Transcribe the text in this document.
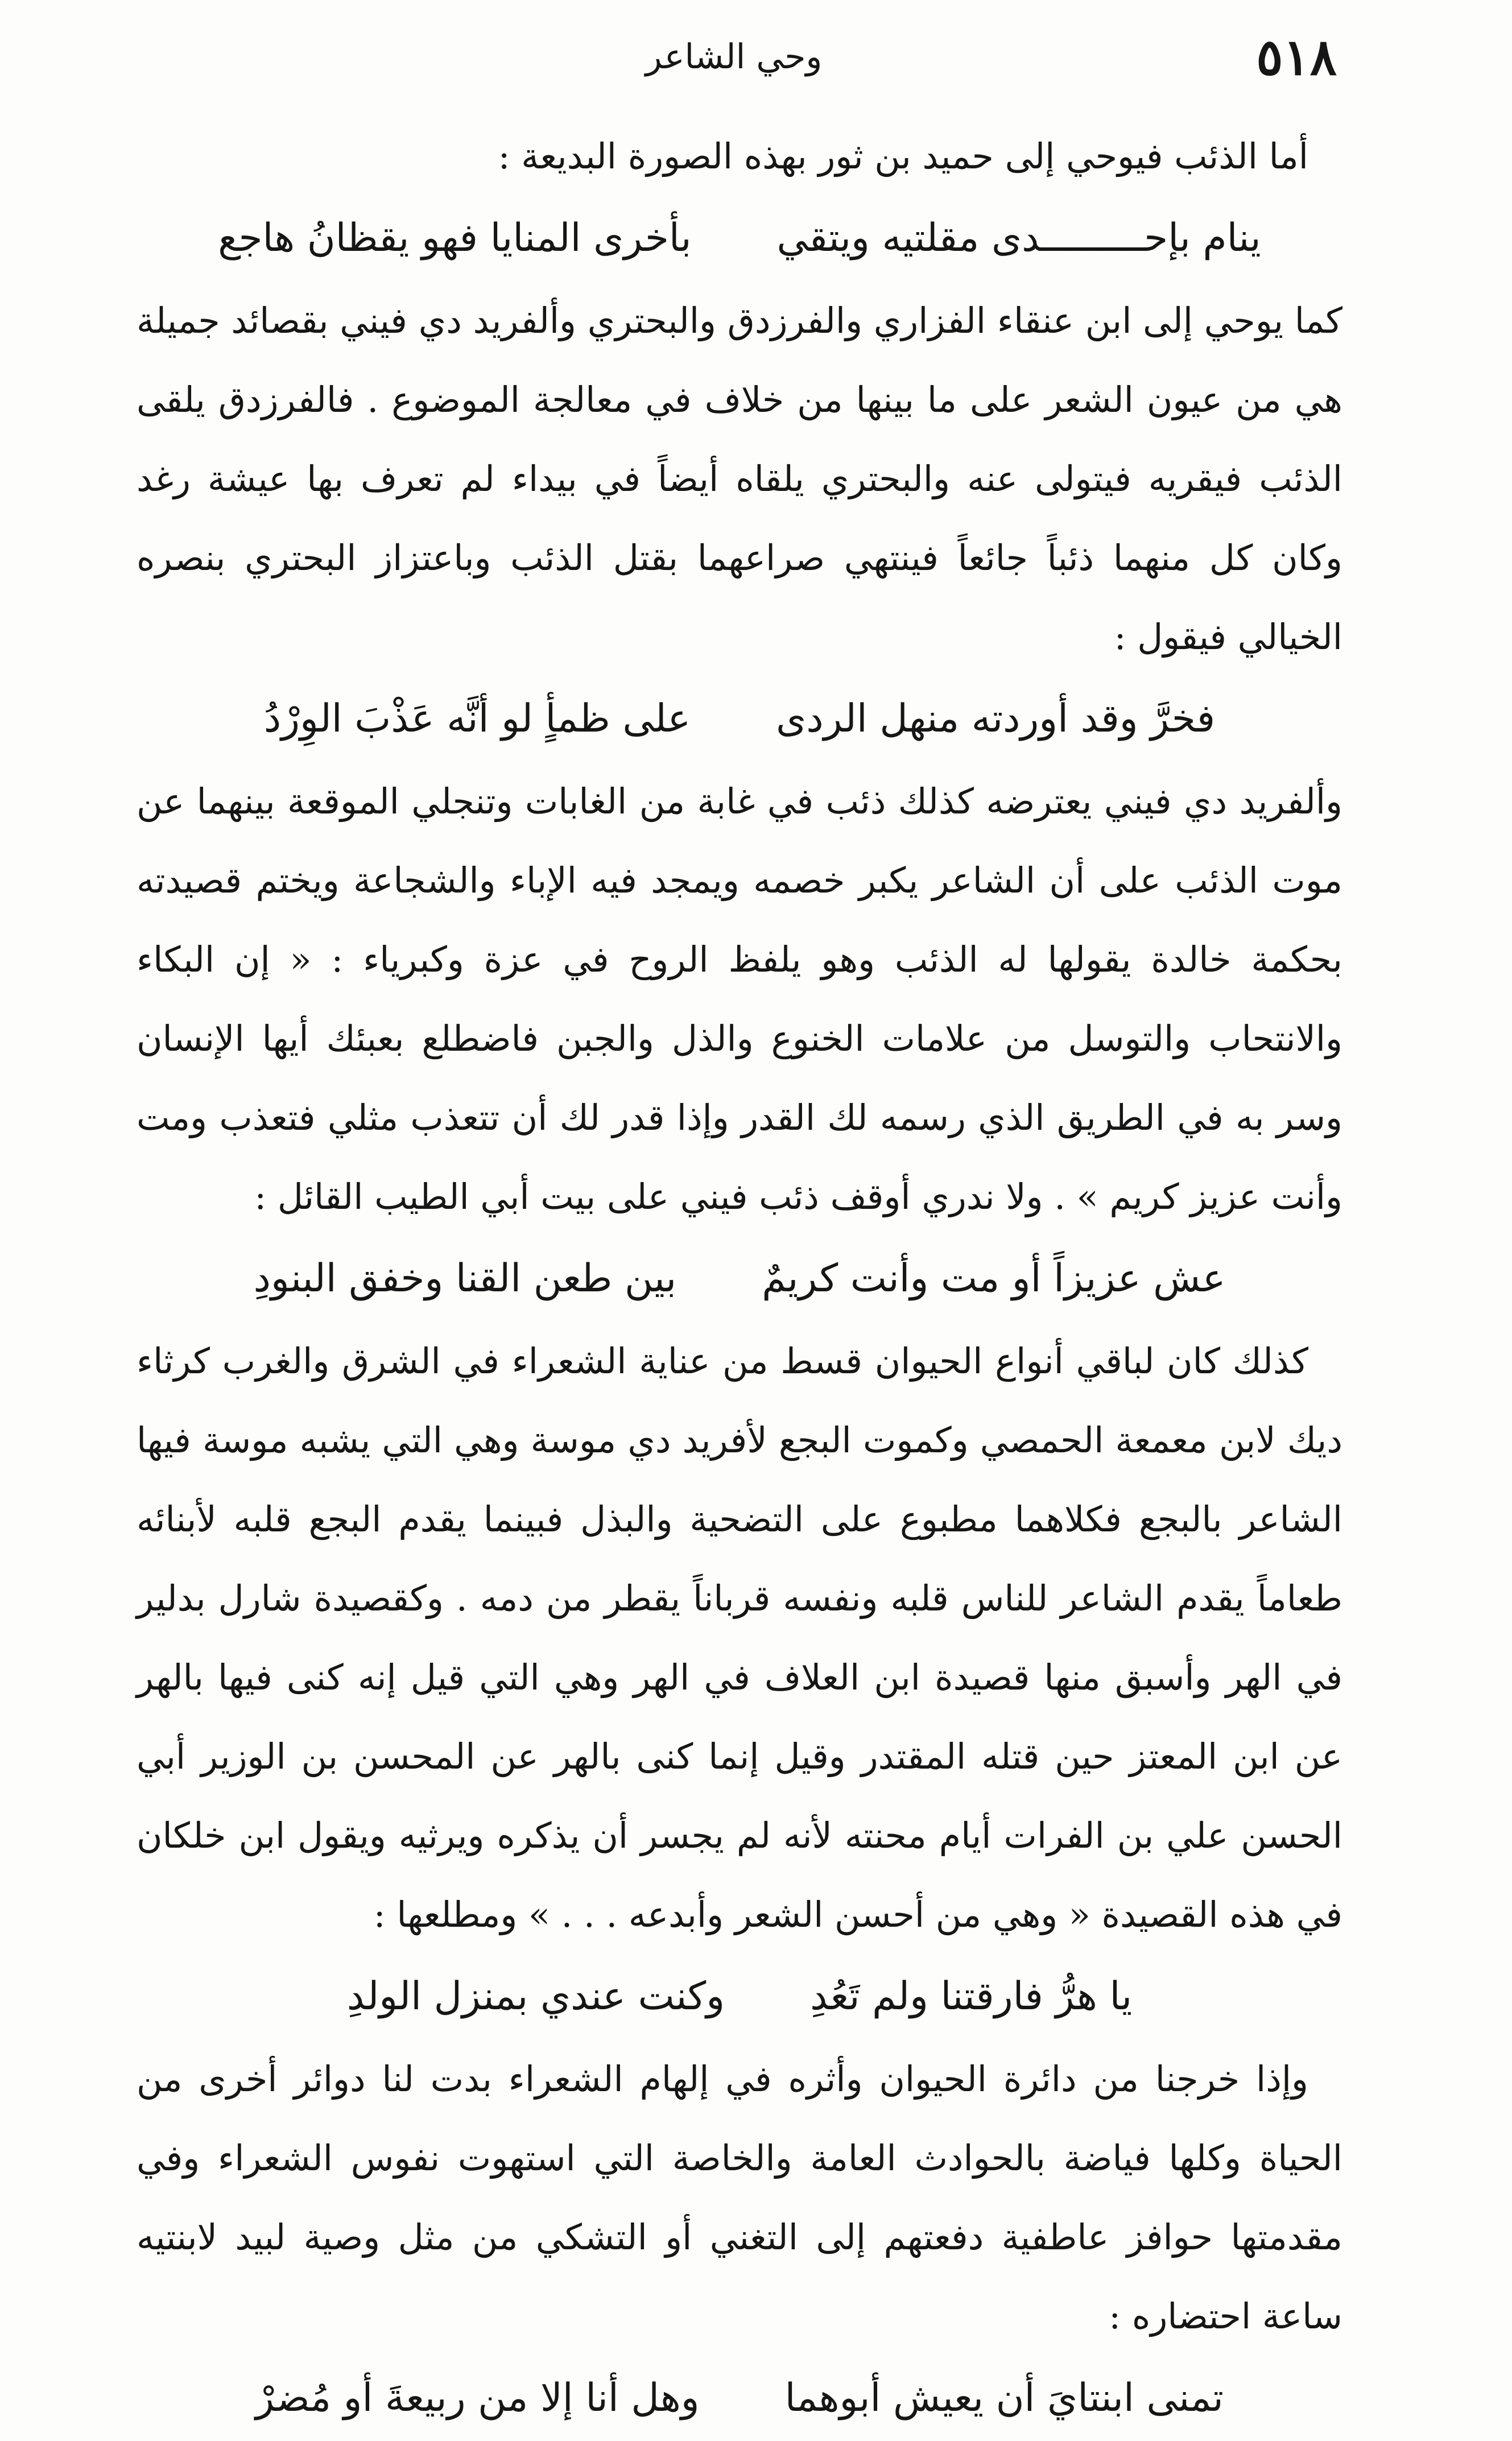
٥١٨
وحي الشاعر

أما الذئب فيوحي إلى حميد بن ثور بهذه الصورة البديعة :

ينام بإحـــــــــدى مقلتيه ويتقي
بأخرى المنايا فهو يقظانُ هاجع

كما يوحي إلى ابن عنقاء الفزاري والفرزدق والبحتري وألفريد دي فيني بقصائد جميلة هي من عيون الشعر على ما بينها من خلاف في معالجة الموضوع . فالفرزدق يلقى الذئب فيقريه فيتولى عنه والبحتري يلقاه أيضاً في بيداء لم تعرف بها عيشة رغد وكان كل منهما ذئباً جائعاً فينتهي صراعهما بقتل الذئب وباعتزاز البحتري بنصره الخيالي فيقول :

فخرَّ وقد أوردته منهل الردى
على ظمأٍ لو أنَّه عَذْبَ الوِرْدُ

وألفريد دي فيني يعترضه كذلك ذئب في غابة من الغابات وتنجلي الموقعة بينهما عن موت الذئب على أن الشاعر يكبر خصمه ويمجد فيه الإباء والشجاعة ويختم قصيدته بحكمة خالدة يقولها له الذئب وهو يلفظ الروح في عزة وكبرياء : « إن البكاء والانتحاب والتوسل من علامات الخنوع والذل والجبن فاضطلع بعبئك أيها الإنسان وسر به في الطريق الذي رسمه لك القدر وإذا قدر لك أن تتعذب مثلي فتعذب ومت وأنت عزيز كريم » . ولا ندري أوقف ذئب فيني على بيت أبي الطيب القائل :

عش عزيزاً أو مت وأنت كريمٌ
بين طعن القنا وخفق البنودِ

كذلك كان لباقي أنواع الحيوان قسط من عناية الشعراء في الشرق والغرب كرثاء ديك لابن معمعة الحمصي وكموت البجع لأفريد دي موسة وهي التي يشبه موسة فيها الشاعر بالبجع فكلاهما مطبوع على التضحية والبذل فبينما يقدم البجع قلبه لأبنائه طعاماً يقدم الشاعر للناس قلبه ونفسه قرباناً يقطر من دمه . وكقصيدة شارل بدلير في الهر وأسبق منها قصيدة ابن العلاف في الهر وهي التي قيل إنه كنى فيها بالهر عن ابن المعتز حين قتله المقتدر وقيل إنما كنى بالهر عن المحسن بن الوزير أبي الحسن علي بن الفرات أيام محنته لأنه لم يجسر أن يذكره ويرثيه ويقول ابن خلكان في هذه القصيدة « وهي من أحسن الشعر وأبدعه . . . » ومطلعها :

يا هرُّ فارقتنا ولم تَعُدِ
وكنت عندي بمنزل الولدِ

وإذا خرجنا من دائرة الحيوان وأثره في إلهام الشعراء بدت لنا دوائر أخرى من الحياة وكلها فياضة بالحوادث العامة والخاصة التي استهوت نفوس الشعراء وفي مقدمتها حوافز عاطفية دفعتهم إلى التغني أو التشكي من مثل وصية لبيد لابنتيه ساعة احتضاره :

تمنى ابنتايَ أن يعيش أبوهما
وهل أنا إلا من ربيعةَ أو مُضرْ
